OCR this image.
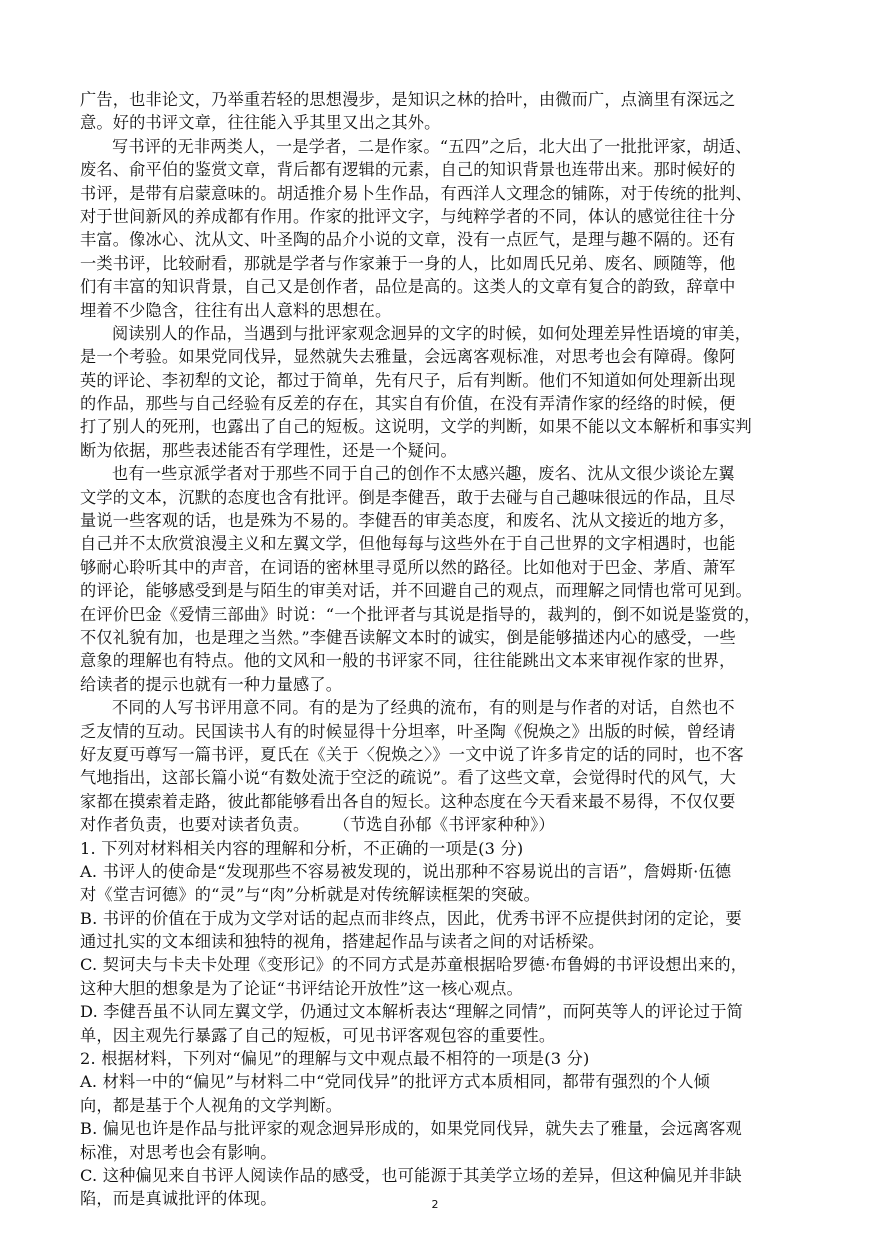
广告，也非论文，乃举重若轻的思想漫步，是知识之林的拾叶，由微而广，点滴里有深远之
意。好的书评文章，往往能入乎其里又出之其外。
写书评的无非两类人，一是学者，二是作家。“五四”之后，北大出了一批批评家，胡适、
废名、俞平伯的鉴赏文章，背后都有逻辑的元素，自己的知识背景也连带出来。那时候好的
书评，是带有启蒙意味的。胡适推介易卜生作品，有西洋人文理念的铺陈，对于传统的批判、
对于世间新风的养成都有作用。作家的批评文字，与纯粹学者的不同，体认的感觉往往十分
丰富。像冰心、沈从文、叶圣陶的品介小说的文章，没有一点匠气，是理与趣不隔的。还有
一类书评，比较耐看，那就是学者与作家兼于一身的人，比如周氏兄弟、废名、顾随等，他
们有丰富的知识背景，自己又是创作者，品位是高的。这类人的文章有复合的韵致，辞章中
埋着不少隐含，往往有出人意料的思想在。
阅读别人的作品，当遇到与批评家观念迥异的文字的时候，如何处理差异性语境的审美，
是一个考验。如果党同伐异，显然就失去雅量，会远离客观标准，对思考也会有障碍。像阿
英的评论、李初犁的文论，都过于简单，先有尺子，后有判断。他们不知道如何处理新出现
的作品，那些与自己经验有反差的存在，其实自有价值，在没有弄清作家的经络的时候，便
打了别人的死刑，也露出了自己的短板。这说明，文学的判断，如果不能以文本解析和事实判
断为依据，那些表述能否有学理性，还是一个疑问。
也有一些京派学者对于那些不同于自己的创作不太感兴趣，废名、沈从文很少谈论左翼
文学的文本，沉默的态度也含有批评。倒是李健吾，敢于去碰与自己趣味很远的作品，且尽
量说一些客观的话，也是殊为不易的。李健吾的审美态度，和废名、沈从文接近的地方多，
自己并不太欣赏浪漫主义和左翼文学，但他每每与这些外在于自己世界的文字相遇时，也能
够耐心聆听其中的声音，在词语的密林里寻觅所以然的路径。比如他对于巴金、茅盾、萧军
的评论，能够感受到是与陌生的审美对话，并不回避自己的观点，而理解之同情也常可见到。
在评价巴金《爱情三部曲》时说：“一个批评者与其说是指导的，裁判的，倒不如说是鉴赏的，
不仅礼貌有加，也是理之当然。”李健吾读解文本时的诚实，倒是能够描述内心的感受，一些
意象的理解也有特点。他的文风和一般的书评家不同，往往能跳出文本来审视作家的世界，
给读者的提示也就有一种力量感了。
不同的人写书评用意不同。有的是为了经典的流布，有的则是与作者的对话，自然也不
乏友情的互动。民国读书人有的时候显得十分坦率，叶圣陶《倪焕之》出版的时候，曾经请
好友夏丏尊写一篇书评，夏氏在《关于〈倪焕之〉》一文中说了许多肯定的话的同时，也不客
气地指出，这部长篇小说“有数处流于空泛的疏说”。看了这些文章，会觉得时代的风气，大
家都在摸索着走路，彼此都能够看出各自的短长。这种态度在今天看来最不易得，不仅仅要
对作者负责，也要对读者负责。 （节选自孙郁《书评家种种》）
1. 下列对材料相关内容的理解和分析，不正确的一项是(3 分)
A. 书评人的使命是“发现那些不容易被发现的，说出那种不容易说出的言语”，詹姆斯·伍德
对《堂吉诃德》的“灵”与“肉”分析就是对传统解读框架的突破。
B. 书评的价值在于成为文学对话的起点而非终点，因此，优秀书评不应提供封闭的定论，要
通过扎实的文本细读和独特的视角，搭建起作品与读者之间的对话桥梁。
C. 契诃夫与卡夫卡处理《变形记》的不同方式是苏童根据哈罗德·布鲁姆的书评设想出来的，
这种大胆的想象是为了论证“书评结论开放性”这一核心观点。
D. 李健吾虽不认同左翼文学，仍通过文本解析表达“理解之同情”，而阿英等人的评论过于简
单，因主观先行暴露了自己的短板，可见书评客观包容的重要性。
2. 根据材料，下列对“偏见”的理解与文中观点最不相符的一项是(3 分)
A. 材料一中的“偏见”与材料二中“党同伐异”的批评方式本质相同，都带有强烈的个人倾
向，都是基于个人视角的文学判断。
B. 偏见也许是作品与批评家的观念迥异形成的，如果党同伐异，就失去了雅量，会远离客观
标准，对思考也会有影响。
C. 这种偏见来自书评人阅读作品的感受，也可能源于其美学立场的差异，但这种偏见并非缺
陷，而是真诚批评的体现。	2
